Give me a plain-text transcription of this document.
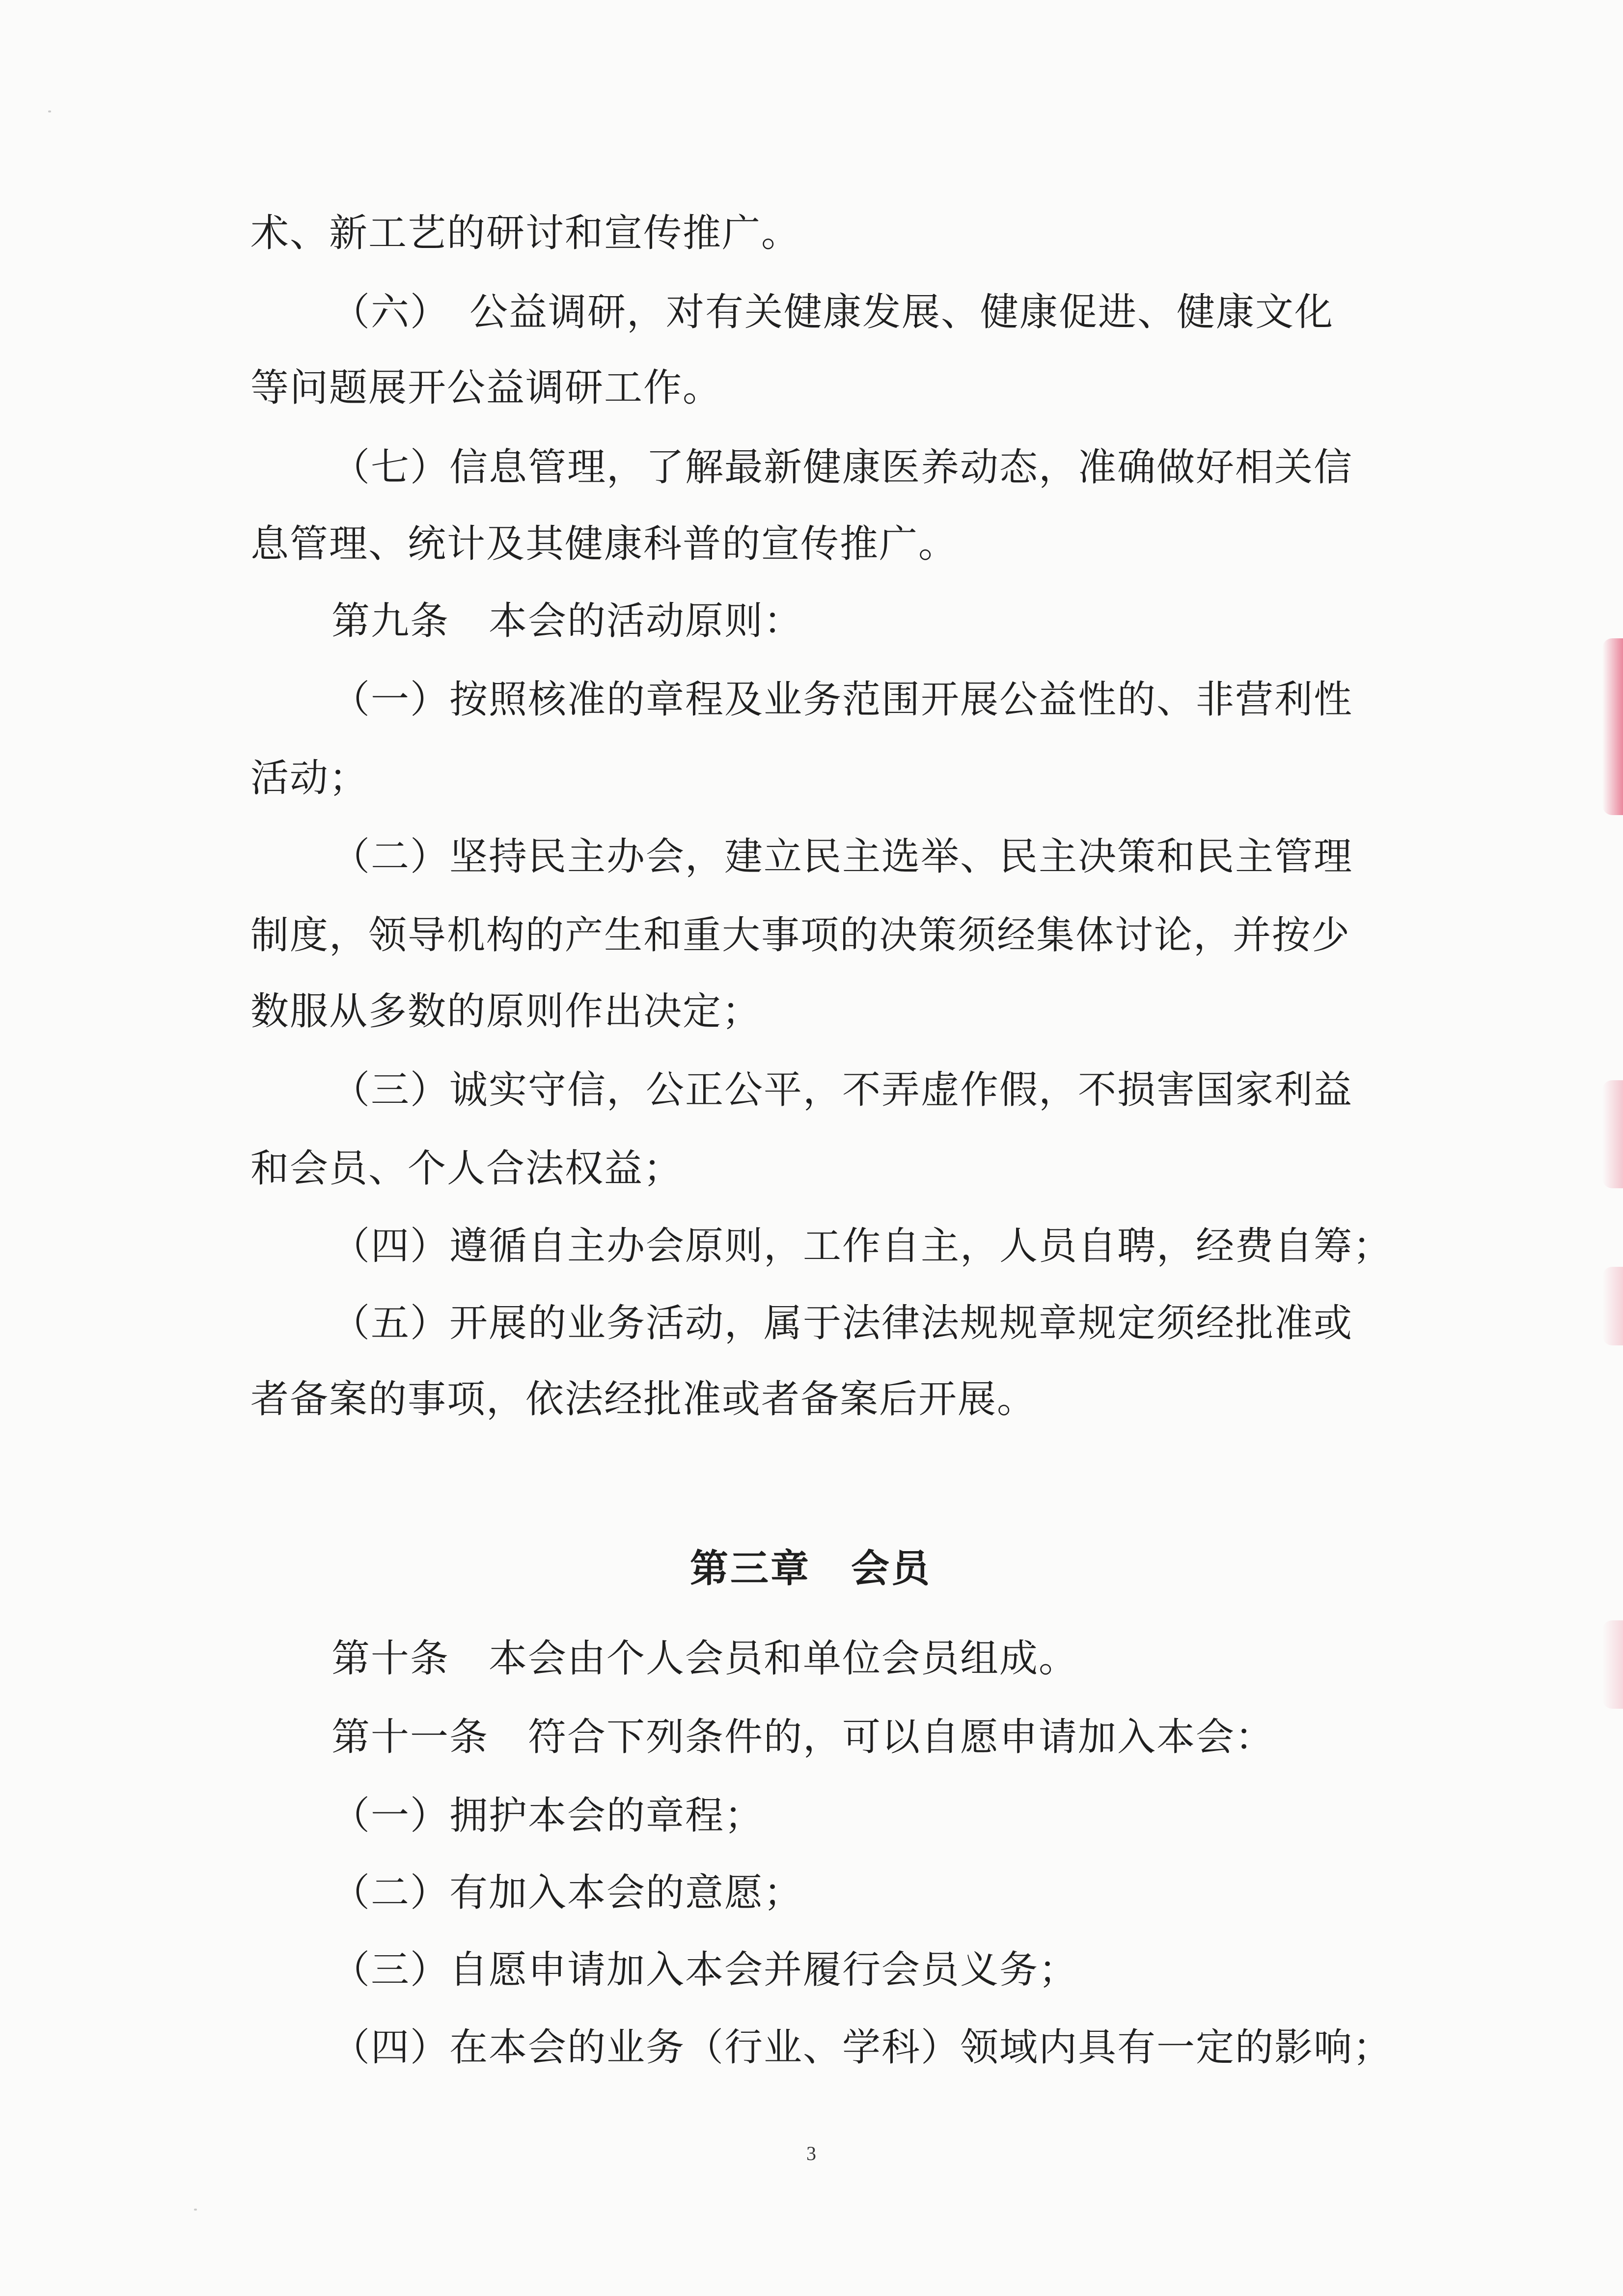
术、新工艺的研讨和宣传推广。
（六）　公益调研，对有关健康发展、健康促进、健康文化
等问题展开公益调研工作。
（七）信息管理，了解最新健康医养动态，准确做好相关信
息管理、统计及其健康科普的宣传推广。
第九条　本会的活动原则：
（一）按照核准的章程及业务范围开展公益性的、非营利性
活动；
（二）坚持民主办会，建立民主选举、民主决策和民主管理
制度，领导机构的产生和重大事项的决策须经集体讨论，并按少
数服从多数的原则作出决定；
（三）诚实守信，公正公平，不弄虚作假，不损害国家利益
和会员、个人合法权益；
（四）遵循自主办会原则，工作自主，人员自聘，经费自筹；
（五）开展的业务活动，属于法律法规规章规定须经批准或
者备案的事项，依法经批准或者备案后开展。
第三章　会员
第十条　本会由个人会员和单位会员组成。
第十一条　符合下列条件的，可以自愿申请加入本会：
（一）拥护本会的章程；
（二）有加入本会的意愿；
（三）自愿申请加入本会并履行会员义务；
（四）在本会的业务（行业、学科）领域内具有一定的影响；
3
